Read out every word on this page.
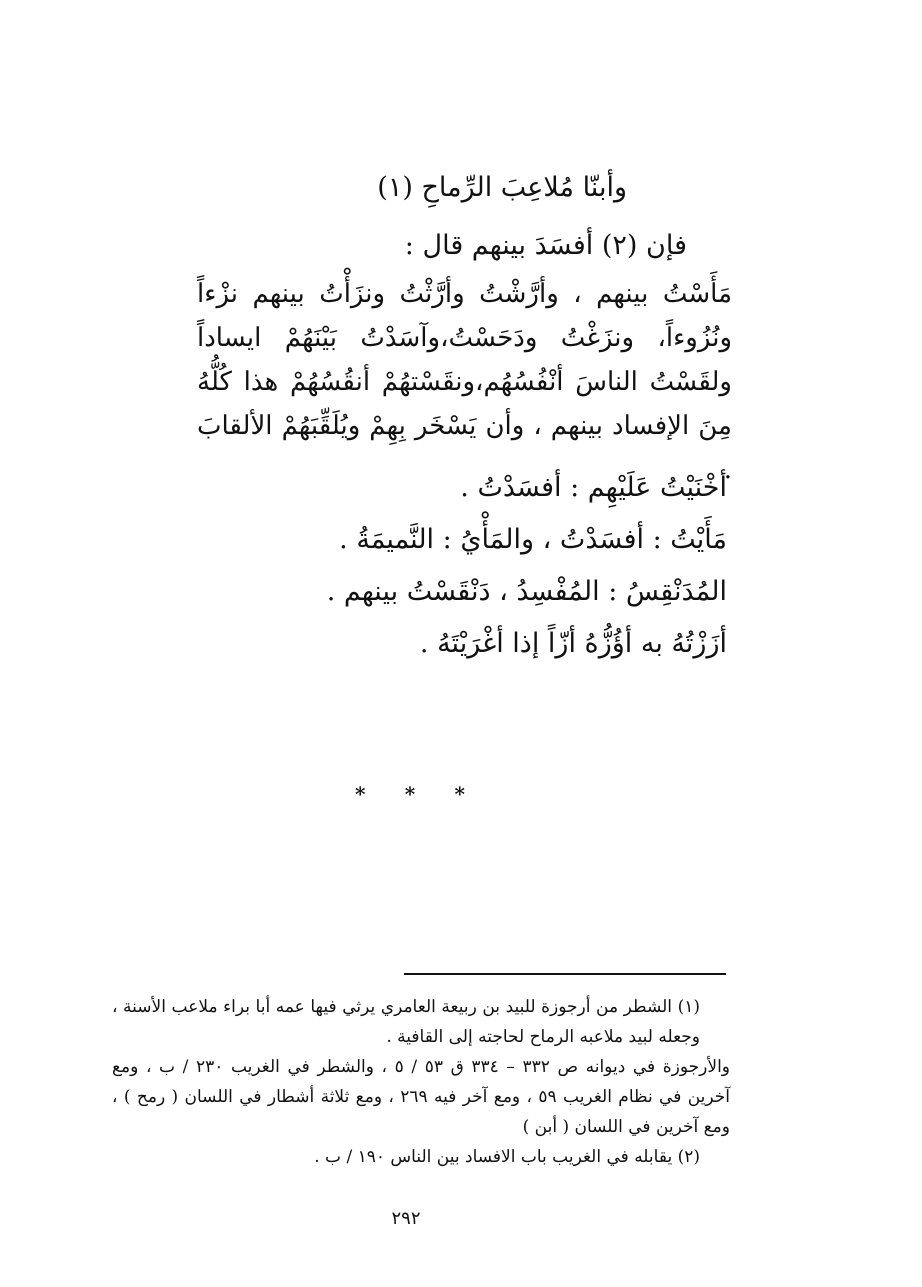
وأبنّا مُلاعِبَ الرِّماحِ (١)
فإن (٢) أفسَدَ بينهم قال :

مَأَسْتُ بينهم ، وأرَّشْتُ وأرَّثْتُ ونزَأْتُ بينهم نزْءاً ونُزُوءاً، ونزَغْتُ ودَحَسْتُ،وآسَدْتُ بَيْنَهُمْ ايساداً ولقَسْتُ الناسَ أنْفُسُهُم،ونقَسْتهُمْ أنقُسُهُمْ هذا كُلُّهُ مِنَ الإفساد بينهم ، وأن يَسْخَر بِهِمْ ويُلَقِّبَهُمْ الألقابَ .

أخْنَيْتُ عَلَيْهِم : أفسَدْتُ .
مَأَيْتُ : أفسَدْتُ ، والمَأْيُ : النَّميمَةُ .
المُدَنْقِسُ : المُفْسِدُ ، دَنْقَسْتُ بينهم .
أزَزْتُهُ به أؤُزُّهُ أزّاً إذا أغْرَيْتَهُ .
* * *

(١) الشطر من أرجوزة للبيد بن ربيعة العامري يرثي فيها عمه أبا براء ملاعب الأسنة ، وجعله لبيد ملاعبه الرماح لحاجته إلى القافية .

والأرجوزة في ديوانه ص ٣٣٢ – ٣٣٤ ق ٥٣ / ٥ ، والشطر في الغريب ٢٣٠ / ب ، ومع آخرين في نظام الغريب ٥٩ ، ومع آخر فيه ٢٦٩ ، ومع ثلاثة أشطار في اللسان ( رمح ) ، ومع آخرين في اللسان ( أبن )

(٢) يقابله في الغريب باب الافساد بين الناس ١٩٠ / ب .

٢٩٢
